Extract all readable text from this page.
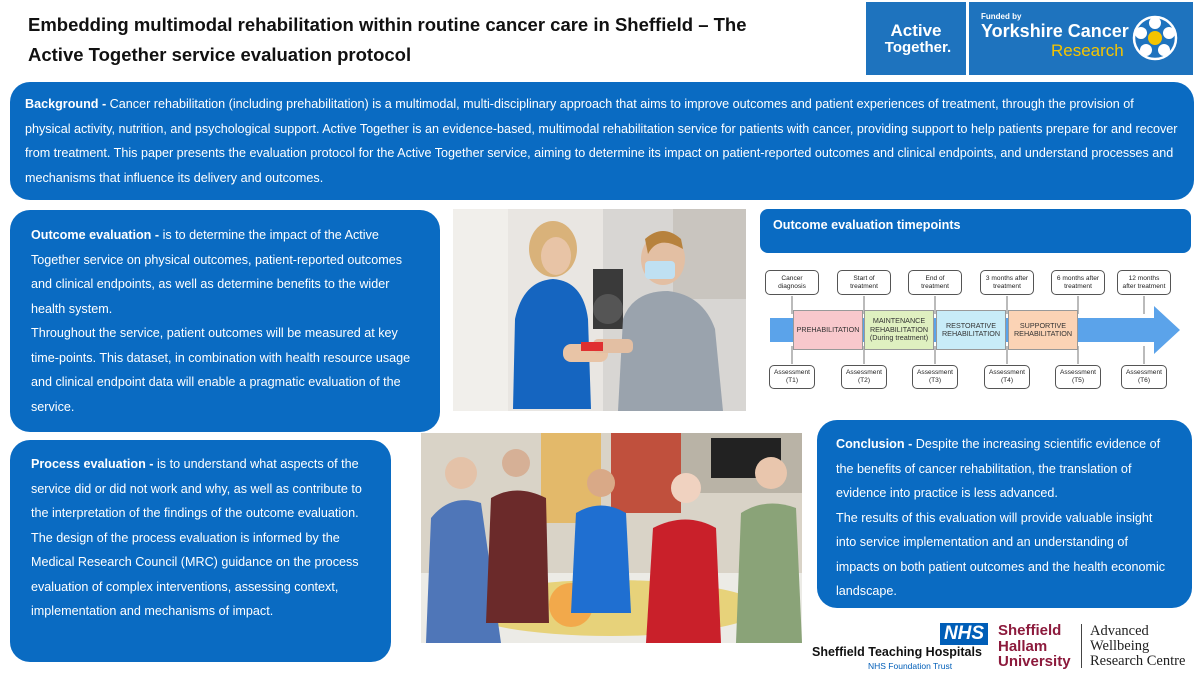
Embedding multimodal rehabilitation within routine cancer care in Sheffield – The
Active Together service evaluation protocol
Active
Together.
Funded by
Yorkshire Cancer
Research
Background - Cancer rehabilitation (including prehabilitation) is a multimodal, multi-disciplinary approach that aims to improve outcomes and patient experiences of treatment, through the provision of physical activity, nutrition, and psychological support. Active Together is an evidence-based, multimodal rehabilitation service for patients with cancer, providing support to help patients prepare for and recover from treatment. This paper presents the evaluation protocol for the Active Together service, aiming to determine its impact on patient-reported outcomes and clinical endpoints, and understand processes and mechanisms that influence its delivery and outcomes.
Outcome evaluation - is to determine the impact of the Active Together service on physical outcomes, patient-reported outcomes and clinical endpoints, as well as determine benefits to the wider health system.
Throughout the service, patient outcomes will be measured at key time-points. This dataset, in combination with health resource usage and clinical endpoint data will enable a pragmatic evaluation of the service.
Outcome evaluation timepoints
Cancer
diagnosis
Start of
treatment
End of
treatment
3 months after
treatment
6 months after
treatment
12 months
after treatment
PREHABILITATION
MAINTENANCE
REHABILITATION
(During treatment)
RESTORATIVE
REHABILITATION
SUPPORTIVE
REHABILITATION
Assessment
(T1)
Assessment
(T2)
Assessment
(T3)
Assessment
(T4)
Assessment
(T5)
Assessment
(T6)
Process evaluation - is to understand what aspects of the service did or did not work and why, as well as contribute to the interpretation of the findings of the outcome evaluation.
The design of the process evaluation is informed by the Medical Research Council (MRC) guidance on the process evaluation of complex interventions, assessing context, implementation and mechanisms of impact.
Conclusion - Despite the increasing scientific evidence of the benefits of cancer rehabilitation, the translation of evidence into practice is less advanced.
The results of this evaluation will provide valuable insight into service implementation and an understanding of impacts on both patient outcomes and the health economic landscape.
NHS
Sheffield Teaching Hospitals
NHS Foundation Trust
Sheffield
Hallam
University
Advanced
Wellbeing
Research Centre
